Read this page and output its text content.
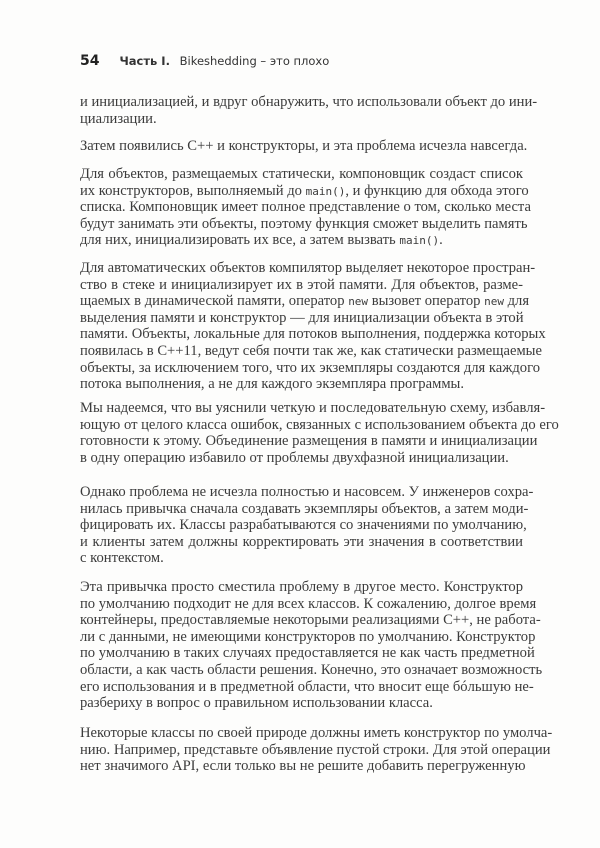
54 Часть I. Bikeshedding – это плохо
и инициализацией, и вдруг обнаружить, что использовали объект до ини-
циализации.
Затем появились C++ и конструкторы, и эта проблема исчезла навсегда.
Для объектов, размещаемых статически, компоновщик создаст список
их конструкторов, выполняемый до main(), и функцию для обхода этого
списка. Компоновщик имеет полное представление о том, сколько места
будут занимать эти объекты, поэтому функция сможет выделить память
для них, инициализировать их все, а затем вызвать main().
Для автоматических объектов компилятор выделяет некоторое простран-
ство в стеке и инициализирует их в этой памяти. Для объектов, разме-
щаемых в динамической памяти, оператор new вызовет оператор new для
выделения памяти и конструктор — для инициализации объекта в этой
памяти. Объекты, локальные для потоков выполнения, поддержка которых
появилась в C++11, ведут себя почти так же, как статически размещаемые
объекты, за исключением того, что их экземпляры создаются для каждого
потока выполнения, а не для каждого экземпляра программы.
Мы надеемся, что вы уяснили четкую и последовательную схему, избавля-
ющую от целого класса ошибок, связанных с использованием объекта до его
готовности к этому. Объединение размещения в памяти и инициализации
в одну операцию избавило от проблемы двухфазной инициализации.
Однако проблема не исчезла полностью и насовсем. У инженеров сохра-
нилась привычка сначала создавать экземпляры объектов, а затем моди-
фицировать их. Классы разрабатываются со значениями по умолчанию,
и клиенты затем должны корректировать эти значения в соответствии
с контекстом.
Эта привычка просто сместила проблему в другое место. Конструктор
по умолчанию подходит не для всех классов. К сожалению, долгое время
контейнеры, предоставляемые некоторыми реализациями C++, не работа-
ли с данными, не имеющими конструкторов по умолчанию. Конструктор
по умолчанию в таких случаях предоставляется не как часть предметной
области, а как часть области решения. Конечно, это означает возможность
его использования и в предметной области, что вносит еще бóльшую не-
разбериху в вопрос о правильном использовании класса.
Некоторые классы по своей природе должны иметь конструктор по умолча-
нию. Например, представьте объявление пустой строки. Для этой операции
нет значимого API, если только вы не решите добавить перегруженную
